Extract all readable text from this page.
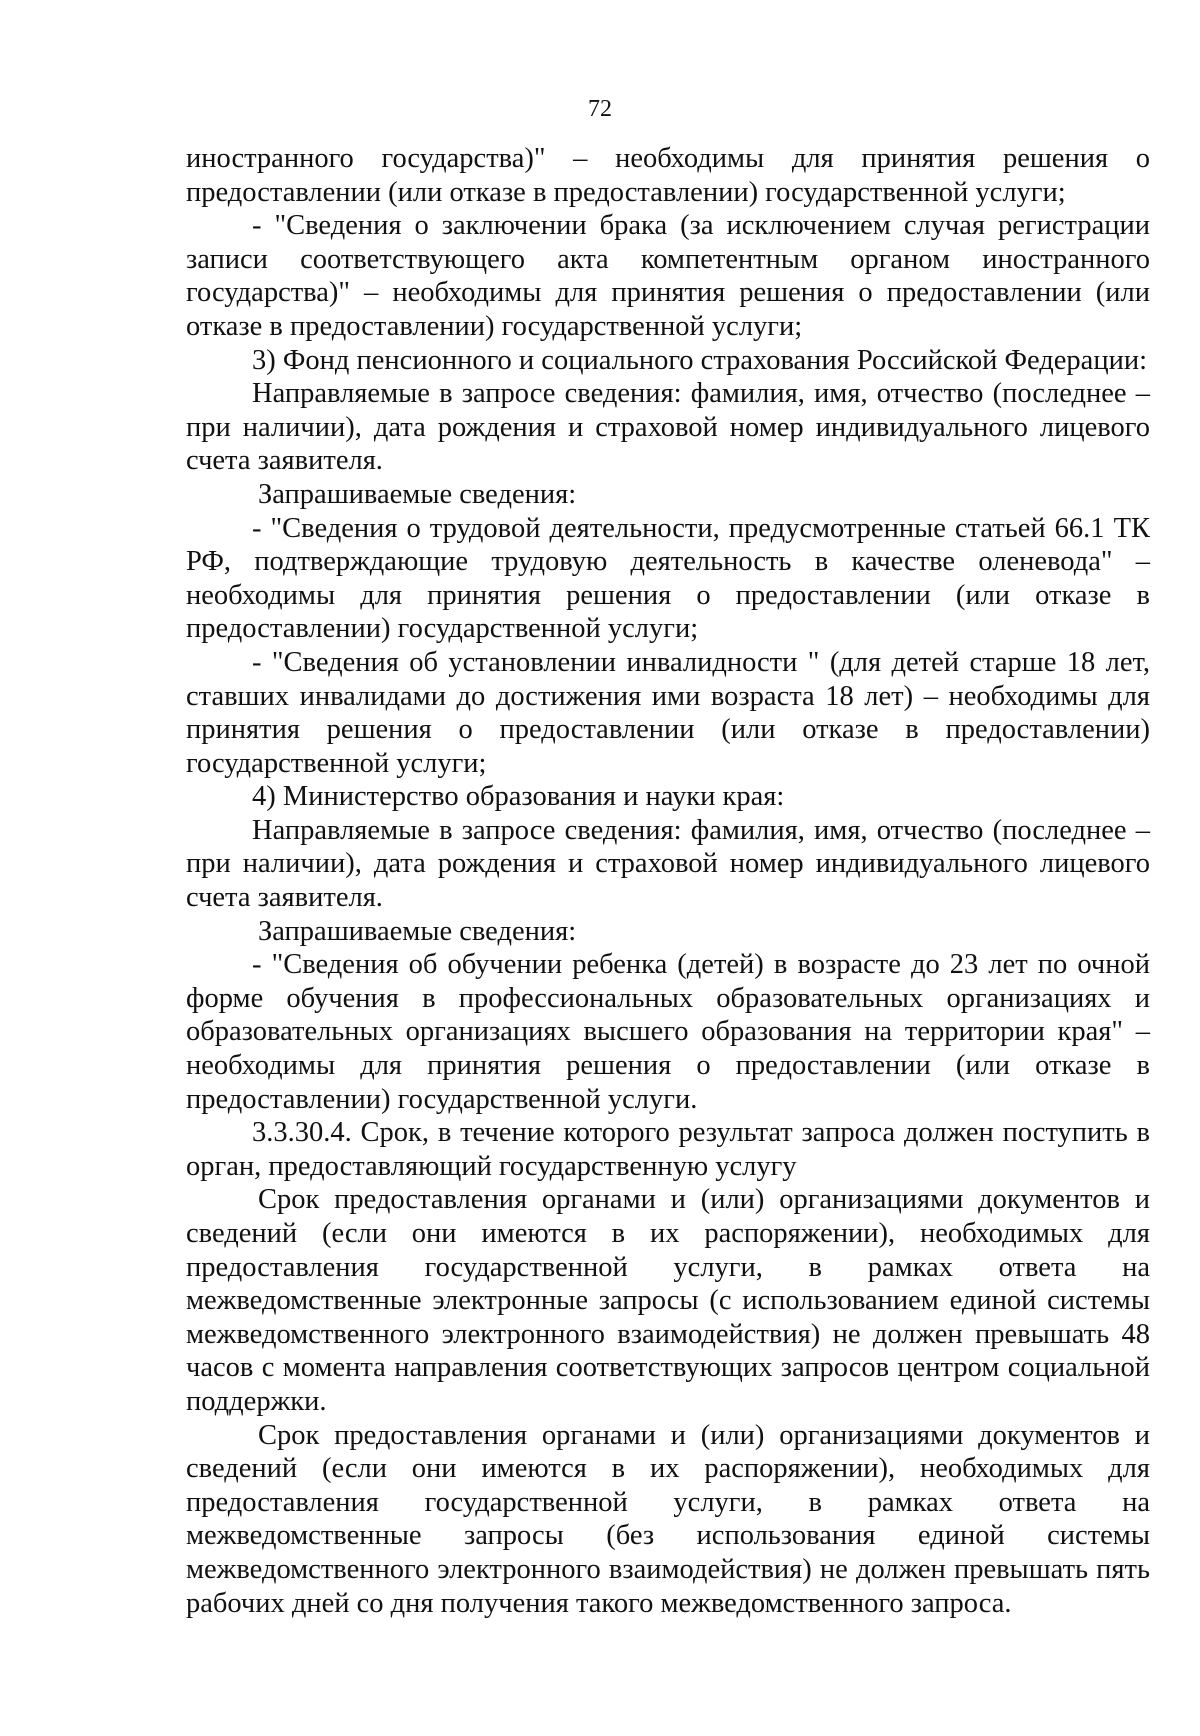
72

иностранного государства)" – необходимы для принятия решения о предоставлении (или отказе в предоставлении) государственной услуги;

- "Сведения о заключении брака (за исключением случая регистрации записи соответствующего акта компетентным органом иностранного государства)" – необходимы для принятия решения о предоставлении (или отказе в предоставлении) государственной услуги;

3) Фонд пенсионного и социального страхования Российской Федерации:

Направляемые в запросе сведения: фамилия, имя, отчество (последнее – при наличии), дата рождения и страховой номер индивидуального лицевого счета заявителя.

Запрашиваемые сведения:

- "Сведения о трудовой деятельности, предусмотренные статьей 66.1 ТК РФ, подтверждающие трудовую деятельность в качестве оленевода" – необходимы для принятия решения о предоставлении (или отказе в предоставлении) государственной услуги;

- "Сведения об установлении инвалидности " (для детей старше 18 лет, ставших инвалидами до достижения ими возраста 18 лет) – необходимы для принятия решения о предоставлении (или отказе в предоставлении) государственной услуги;

4) Министерство образования и науки края:

Направляемые в запросе сведения: фамилия, имя, отчество (последнее – при наличии), дата рождения и страховой номер индивидуального лицевого счета заявителя.

Запрашиваемые сведения:

- "Сведения об обучении ребенка (детей) в возрасте до 23 лет по очной форме обучения в профессиональных образовательных организациях и образовательных организациях высшего образования на территории края" – необходимы для принятия решения о предоставлении (или отказе в предоставлении) государственной услуги.

3.3.30.4. Срок, в течение которого результат запроса должен поступить в орган, предоставляющий государственную услугу

Срок предоставления органами и (или) организациями документов и сведений (если они имеются в их распоряжении), необходимых для предоставления государственной услуги, в рамках ответа на межведомственные электронные запросы (с использованием единой системы межведомственного электронного взаимодействия) не должен превышать 48 часов с момента направления соответствующих запросов центром социальной поддержки.

Срок предоставления органами и (или) организациями документов и сведений (если они имеются в их распоряжении), необходимых для предоставления государственной услуги, в рамках ответа на межведомственные запросы (без использования единой системы межведомственного электронного взаимодействия) не должен превышать пять рабочих дней со дня получения такого межведомственного запроса.
